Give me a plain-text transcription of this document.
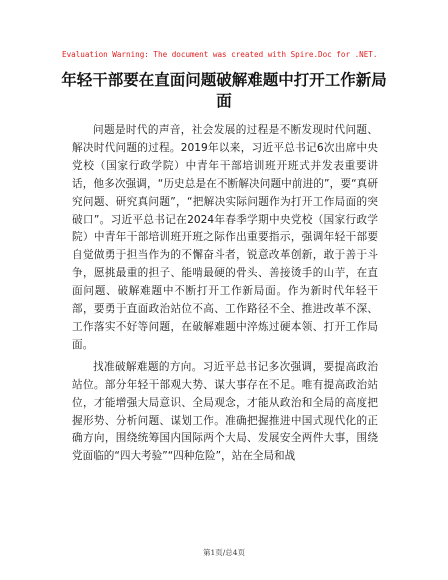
Evaluation Warning: The document was created with Spire.Doc for .NET.
年轻干部要在直面问题破解难题中打开工作新局面

问题是时代的声音，社会发展的过程是不断发现时代问题、解决时代问题的过程。2019年以来，习近平总书记6次出席中央党校（国家行政学院）中青年干部培训班开班式并发表重要讲话，他多次强调，“历史总是在不断解决问题中前进的”，要“真研究问题、研究真问题”，“把解决实际问题作为打开工作局面的突破口”。习近平总书记在2024年春季学期中央党校（国家行政学院）中青年干部培训班开班之际作出重要指示，强调年轻干部要自觉做勇于担当作为的不懈奋斗者，锐意改革创新，敢于善于斗争，愿挑最重的担子、能啃最硬的骨头、善接烫手的山芋，在直面问题、破解难题中不断打开工作新局面。作为新时代年轻干部，要勇于直面政治站位不高、工作路径不全、推进改革不深、工作落实不好等问题，在破解难题中淬炼过硬本领、打开工作局面。

找准破解难题的方向。习近平总书记多次强调，要提高政治站位。部分年轻干部观大势、谋大事存在不足。唯有提高政治站位，才能增强大局意识、全局观念，才能从政治和全局的高度把握形势、分析问题、谋划工作。准确把握推进中国式现代化的正确方向，围绕统筹国内国际两个大局、发展安全两件大事，围绕党面临的“四大考验”“四种危险”，站在全局和战

第1页/总4页
